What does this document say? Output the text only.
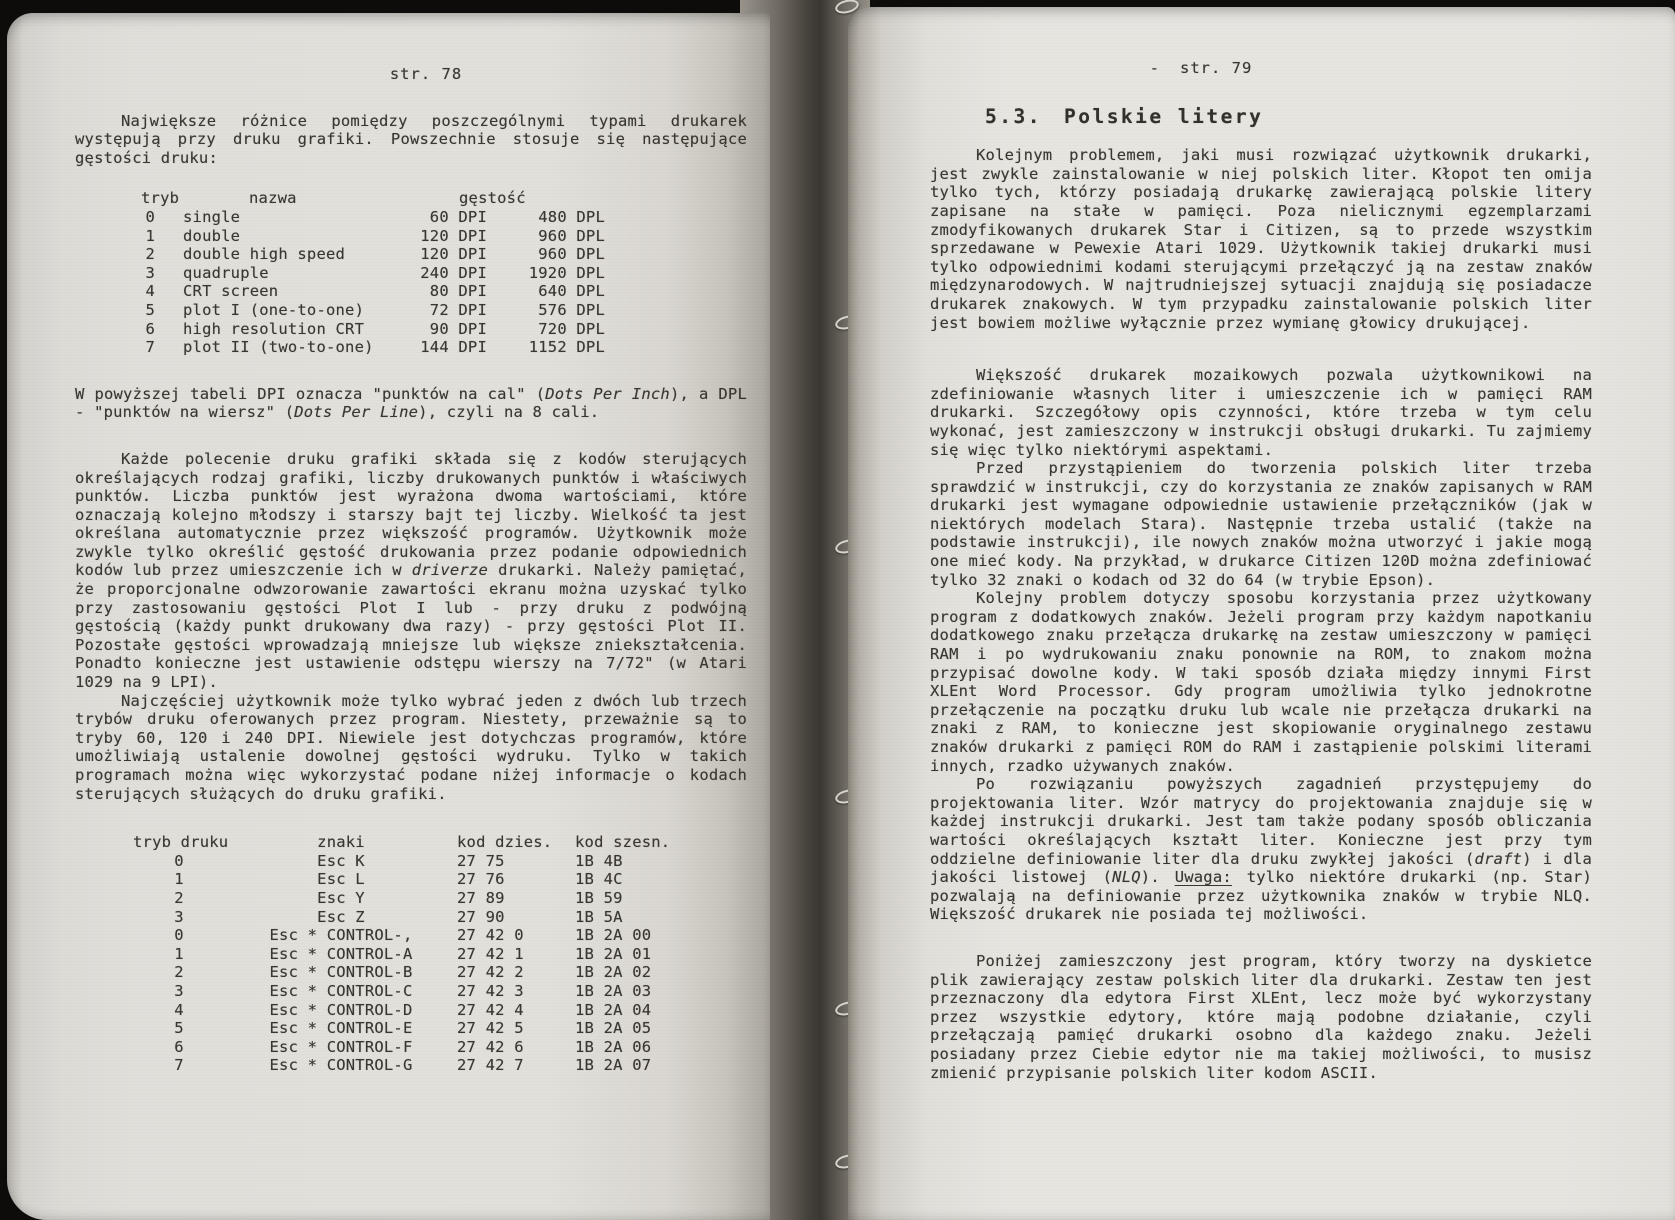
str. 78

Największe różnice pomiędzy poszczególnymi typami drukarek występują przy druku grafiki. Powszechnie stosuje się następujące gęstości druku:

tryb	nazwa	gęstość
0 single	60 DPI	480 DPL
1 double	120 DPI	960 DPL
2 double high speed	120 DPI	960 DPL
3 quadruple	240 DPI	1920 DPL
4 CRT screen	80 DPI	640 DPL
5 plot I (one-to-one)	72 DPI	576 DPL
6 high resolution CRT	90 DPI	720 DPL
7 plot II (two-to-one)	144 DPI	1152 DPL

W powyższej tabeli DPI oznacza "punktów na cal" (Dots Per Inch), a DPL - "punktów na wiersz" (Dots Per Line), czyli na 8 cali.

Każde polecenie druku grafiki składa się z kodów sterujących określających rodzaj grafiki, liczby drukowanych punktów i właściwych punktów. Liczba punktów jest wyrażona dwoma wartościami, które oznaczają kolejno młodszy i starszy bajt tej liczby. Wielkość ta jest określana automatycznie przez większość programów. Użytkownik może zwykle tylko określić gęstość drukowania przez podanie odpowiednich kodów lub przez umieszczenie ich w driverze drukarki. Należy pamiętać, że proporcjonalne odwzorowanie zawartości ekranu można uzyskać tylko przy zastosowaniu gęstości Plot I lub - przy druku z podwójną gęstością (każdy punkt drukowany dwa razy) - przy gęstości Plot II. Pozostałe gęstości wprowadzają mniejsze lub większe zniekształcenia. Ponadto konieczne jest ustawienie odstępu wierszy na 7/72" (w Atari 1029 na 9 LPI).

Najczęściej użytkownik może tylko wybrać jeden z dwóch lub trzech trybów druku oferowanych przez program. Niestety, przeważnie są to tryby 60, 120 i 240 DPI. Niewiele jest dotychczas programów, które umożliwiają ustalenie dowolnej gęstości wydruku. Tylko w takich programach można więc wykorzystać podane niżej informacje o kodach sterujących służących do druku grafiki.

tryb druku	znaki	kod dzies.	kod szesn.
0	Esc K	27 75	1B 4B
1	Esc L	27 76	1B 4C
2	Esc Y	27 89	1B 59
3	Esc Z	27 90	1B 5A
0	Esc * CONTROL-,	27 42 0	1B 2A 00
1	Esc * CONTROL-A	27 42 1	1B 2A 01
2	Esc * CONTROL-B	27 42 2	1B 2A 02
3	Esc * CONTROL-C	27 42 3	1B 2A 03
4	Esc * CONTROL-D	27 42 4	1B 2A 04
5	Esc * CONTROL-E	27 42 5	1B 2A 05
6	Esc * CONTROL-F	27 42 6	1B 2A 06
7	Esc * CONTROL-G	27 42 7	1B 2A 07
- str. 79
5.3. Polskie litery

Kolejnym problemem, jaki musi rozwiązać użytkownik drukarki, jest zwykle zainstalowanie w niej polskich liter. Kłopot ten omija tylko tych, którzy posiadają drukarkę zawierającą polskie litery zapisane na stałe w pamięci. Poza nielicznymi egzemplarzami zmodyfikowanych drukarek Star i Citizen, są to przede wszystkim sprzedawane w Pewexie Atari 1029. Użytkownik takiej drukarki musi tylko odpowiednimi kodami sterującymi przełączyć ją na zestaw znaków międzynarodowych. W najtrudniejszej sytuacji znajdują się posiadacze drukarek znakowych. W tym przypadku zainstalowanie polskich liter jest bowiem możliwe wyłącznie przez wymianę głowicy drukującej.

Większość drukarek mozaikowych pozwala użytkownikowi na zdefiniowanie własnych liter i umieszczenie ich w pamięci RAM drukarki. Szczegółowy opis czynności, które trzeba w tym celu wykonać, jest zamieszczony w instrukcji obsługi drukarki. Tu zajmiemy się więc tylko niektórymi aspektami.

Przed przystąpieniem do tworzenia polskich liter trzeba sprawdzić w instrukcji, czy do korzystania ze znaków zapisanych w RAM drukarki jest wymagane odpowiednie ustawienie przełączników (jak w niektórych modelach Stara). Następnie trzeba ustalić (także na podstawie instrukcji), ile nowych znaków można utworzyć i jakie mogą one mieć kody. Na przykład, w drukarce Citizen 120D można zdefiniować tylko 32 znaki o kodach od 32 do 64 (w trybie Epson).

Kolejny problem dotyczy sposobu korzystania przez użytkowany program z dodatkowych znaków. Jeżeli program przy każdym napotkaniu dodatkowego znaku przełącza drukarkę na zestaw umieszczony w pamięci RAM i po wydrukowaniu znaku ponownie na ROM, to znakom można przypisać dowolne kody. W taki sposób działa między innymi First XLEnt Word Processor. Gdy program umożliwia tylko jednokrotne przełączenie na początku druku lub wcale nie przełącza drukarki na znaki z RAM, to konieczne jest skopiowanie oryginalnego zestawu znaków drukarki z pamięci ROM do RAM i zastąpienie polskimi literami innych, rzadko używanych znaków.

Po rozwiązaniu powyższych zagadnień przystępujemy do projektowania liter. Wzór matrycy do projektowania znajduje się w każdej instrukcji drukarki. Jest tam także podany sposób obliczania wartości określających kształt liter. Konieczne jest przy tym oddzielne definiowanie liter dla druku zwykłej jakości (draft) i dla jakości listowej (NLQ). Uwaga: tylko niektóre drukarki (np. Star) pozwalają na definiowanie przez użytkownika znaków w trybie NLQ. Większość drukarek nie posiada tej możliwości.

Poniżej zamieszczony jest program, który tworzy na dyskietce plik zawierający zestaw polskich liter dla drukarki. Zestaw ten jest przeznaczony dla edytora First XLEnt, lecz może być wykorzystany przez wszystkie edytory, które mają podobne działanie, czyli przełączają pamięć drukarki osobno dla każdego znaku. Jeżeli posiadany przez Ciebie edytor nie ma takiej możliwości, to musisz zmienić przypisanie polskich liter kodom ASCII.
